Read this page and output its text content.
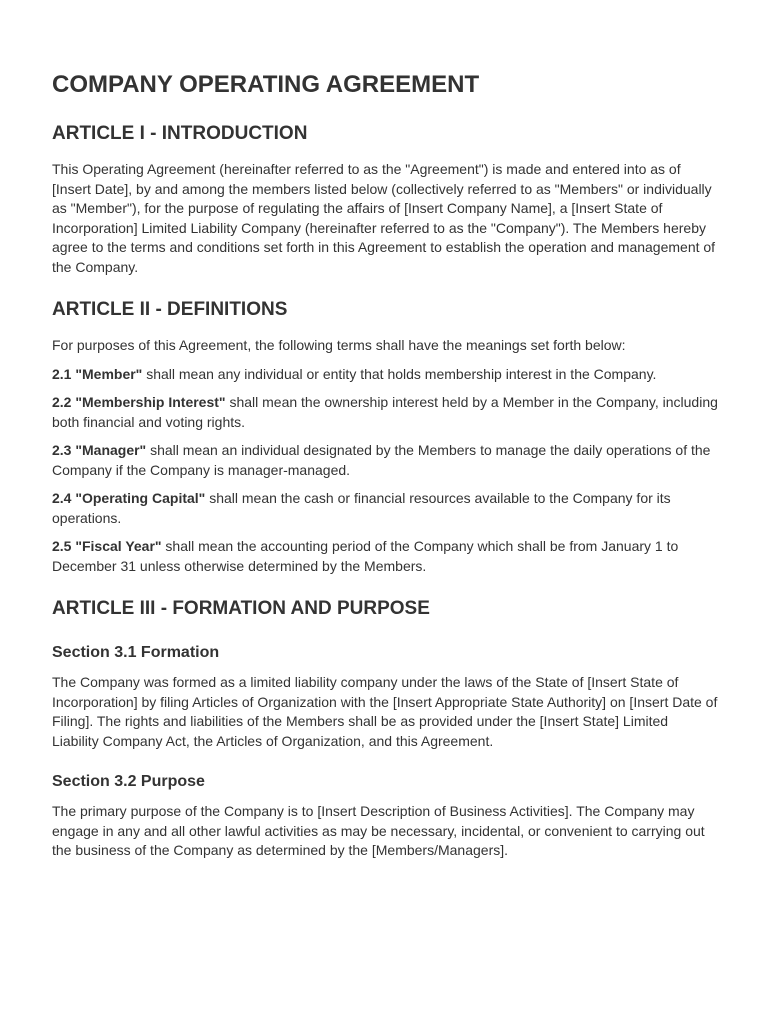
COMPANY OPERATING AGREEMENT
ARTICLE I - INTRODUCTION

This Operating Agreement (hereinafter referred to as the "Agreement") is made and entered into as of [Insert Date], by and among the members listed below (collectively referred to as "Members" or individually as "Member"), for the purpose of regulating the affairs of [Insert Company Name], a [Insert State of Incorporation] Limited Liability Company (hereinafter referred to as the "Company"). The Members hereby agree to the terms and conditions set forth in this Agreement to establish the operation and management of the Company.

ARTICLE II - DEFINITIONS

For purposes of this Agreement, the following terms shall have the meanings set forth below:

2.1 "Member" shall mean any individual or entity that holds membership interest in the Company.

2.2 "Membership Interest" shall mean the ownership interest held by a Member in the Company, including both financial and voting rights.

2.3 "Manager" shall mean an individual designated by the Members to manage the daily operations of the Company if the Company is manager-managed.

2.4 "Operating Capital" shall mean the cash or financial resources available to the Company for its operations.

2.5 "Fiscal Year" shall mean the accounting period of the Company which shall be from January 1 to December 31 unless otherwise determined by the Members.

ARTICLE III - FORMATION AND PURPOSE
Section 3.1 Formation

The Company was formed as a limited liability company under the laws of the State of [Insert State of Incorporation] by filing Articles of Organization with the [Insert Appropriate State Authority] on [Insert Date of Filing]. The rights and liabilities of the Members shall be as provided under the [Insert State] Limited Liability Company Act, the Articles of Organization, and this Agreement.

Section 3.2 Purpose

The primary purpose of the Company is to [Insert Description of Business Activities]. The Company may engage in any and all other lawful activities as may be necessary, incidental, or convenient to carrying out the business of the Company as determined by the [Members/Managers].
